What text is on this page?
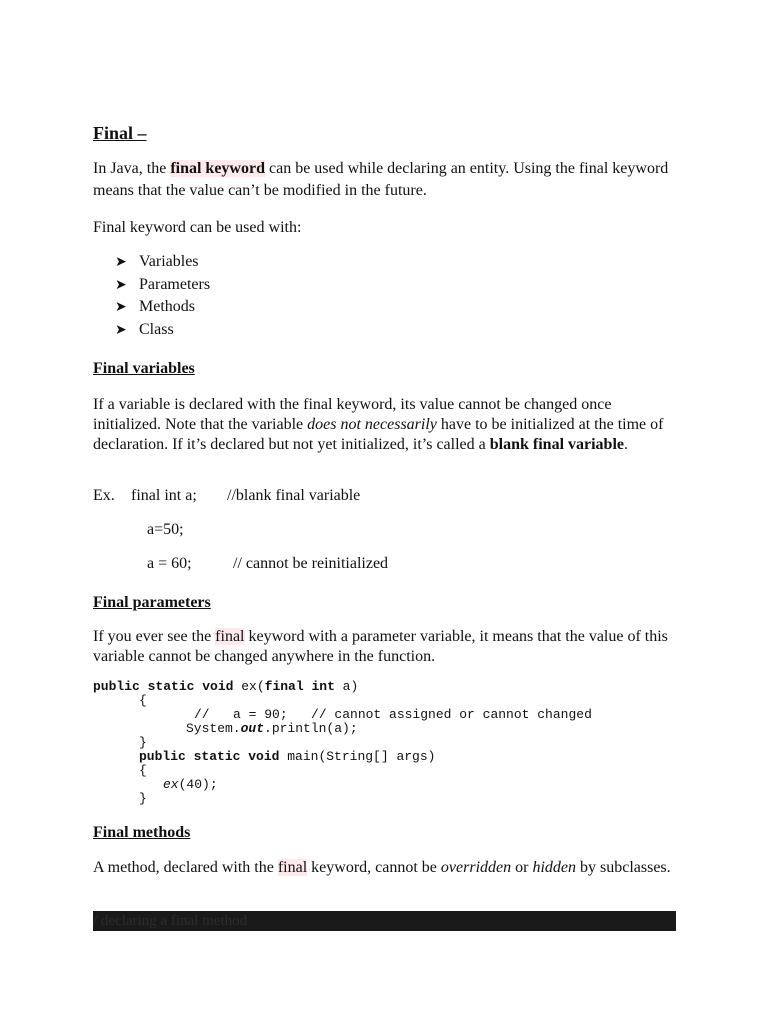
Final –
In Java, the final keyword can be used while declaring an entity. Using the final keyword means that the value can’t be modified in the future.
Final keyword can be used with:
➤ Variables
➤ Parameters
➤ Methods
➤ Class
Final variables
If a variable is declared with the final keyword, its value cannot be changed once initialized. Note that the variable does not necessarily have to be initialized at the time of declaration. If it’s declared but not yet initialized, it’s called a blank final variable.
Ex. final int a; //blank final variable
a=50;
a = 60;	// cannot be reinitialized
Final parameters
If you ever see the final keyword with a parameter variable, it means that the value of this variable cannot be changed anywhere in the function.
public static void ex(final int a)
{
//   a = 90;   // cannot assigned or cannot changed
System.out.println(a);
}
public static void main(String[] args)
{
ex(40);
}
Final methods
A method, declared with the final keyword, cannot be overridden or hidden by subclasses.
/ declaring a final method
